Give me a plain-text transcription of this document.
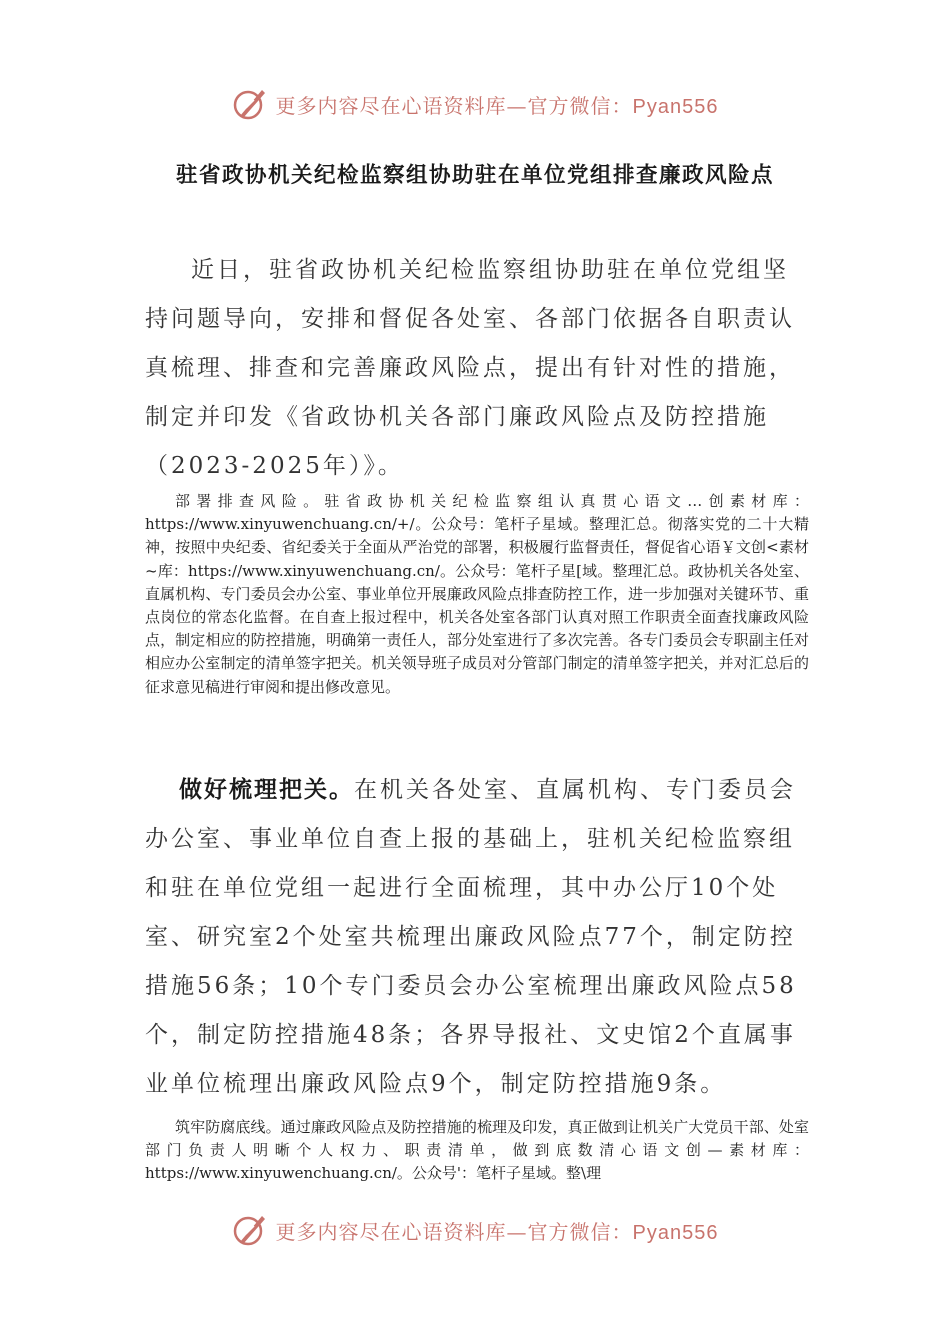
更多内容尽在心语资料库—官方微信：Pyan556
驻省政协机关纪检监察组协助驻在单位党组排查廉政风险点

近日，驻省政协机关纪检监察组协助驻在单位党组坚持问题导向，安排和督促各处室、各部门依据各自职责认真梳理、排查和完善廉政风险点，提出有针对性的措施，制定并印发《省政协机关各部门廉政风险点及防控措施（2023-2025年）》。

部署排查风险。驻省政协机关纪检监察组认真贯心语文…创素材库：https://www.xinyuwenchuang.cn/+/。公众号：笔杆子星域。整理汇总。彻落实党的二十大精神，按照中央纪委、省纪委关于全面从严治党的部署，积极履行监督责任，督促省心语￥文创<素材~库：https://www.xinyuwenchuang.cn/。公众号：笔杆子星[域。整理汇总。政协机关各处室、直属机构、专门委员会办公室、事业单位开展廉政风险点排查防控工作，进一步加强对关键环节、重点岗位的常态化监督。在自查上报过程中，机关各处室各部门认真对照工作职责全面查找廉政风险点，制定相应的防控措施，明确第一责任人，部分处室进行了多次完善。各专门委员会专职副主任对相应办公室制定的清单签字把关。机关领导班子成员对分管部门制定的清单签字把关，并对汇总后的征求意见稿进行审阅和提出修改意见。

做好梳理把关。在机关各处室、直属机构、专门委员会办公室、事业单位自查上报的基础上，驻机关纪检监察组和驻在单位党组一起进行全面梳理，其中办公厅10个处室、研究室2个处室共梳理出廉政风险点77个，制定防控措施56条；10个专门委员会办公室梳理出廉政风险点58个，制定防控措施48条；各界导报社、文史馆2个直属事业单位梳理出廉政风险点9个，制定防控措施9条。

筑牢防腐底线。通过廉政风险点及防控措施的梳理及印发，真正做到让机关广大党员干部、处室部门负责人明晰个人权力、职责清单，做到底数清心语文创—素材库：https://www.xinyuwenchuang.cn/。公众号'：笔杆子星域。整\理

更多内容尽在心语资料库—官方微信：Pyan556
